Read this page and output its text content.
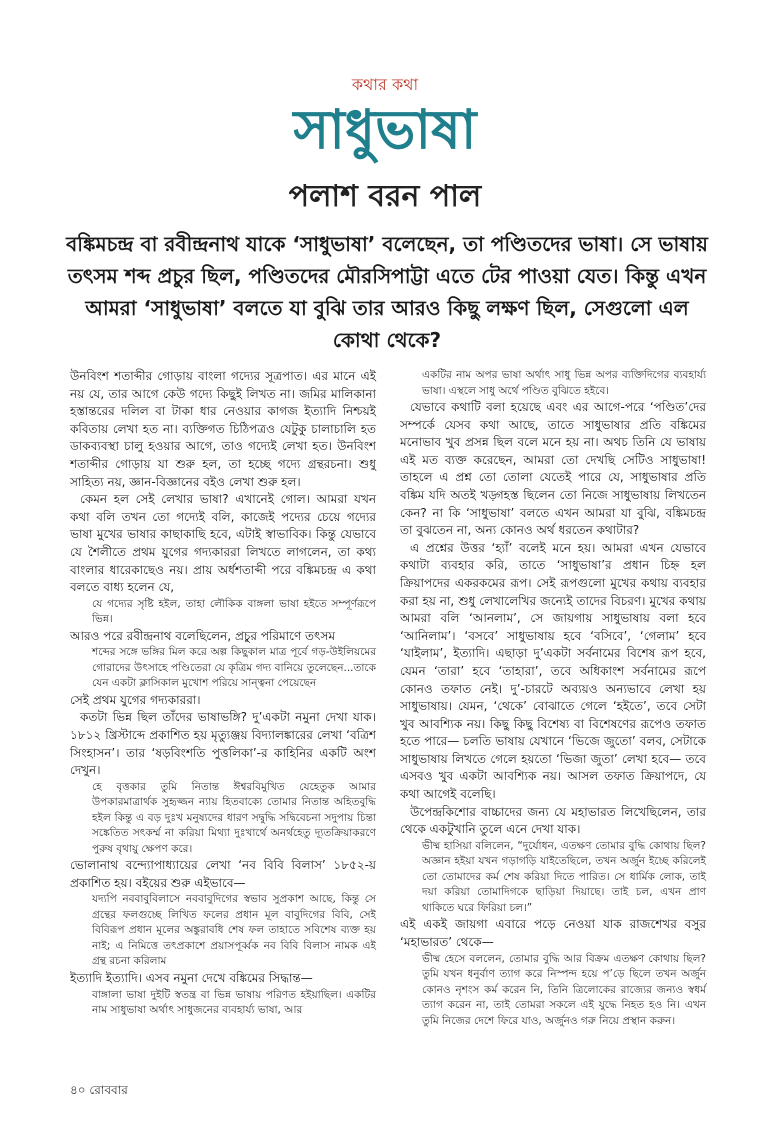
কথার কথা
সাধুভাষা
পলাশ বরন পাল
বঙ্কিমচন্দ্র বা রবীন্দ্রনাথ যাকে ‘সাধুভাষা’ বলেছেন, তা পণ্ডিতদের ভাষা। সে ভাষায় তৎসম শব্দ প্রচুর ছিল, পণ্ডিতদের মৌরসিপাট্টা এতে টের পাওয়া যেত। কিন্তু এখন আমরা ‘সাধুভাষা’ বলতে যা বুঝি তার আরও কিছু লক্ষণ ছিল, সেগুলো এল কোথা থেকে?

উনবিংশ শতাব্দীর গোড়ায় বাংলা গদ্যের সূত্রপাত। এর মানে এই নয় যে, তার আগে কেউ গদ্যে কিছুই লিখত না। জমির মালিকানা হস্তান্তরের দলিল বা টাকা ধার নেওয়ার কাগজ ইত্যাদি নিশ্চয়ই কবিতায় লেখা হত না। ব্যক্তিগত চিঠিপত্রও যেটুকু চালাচালি হত ডাকব্যবস্থা চালু হওয়ার আগে, তাও গদ্যেই লেখা হত। উনবিংশ শতাব্দীর গোড়ায় যা শুরু হল, তা হচ্ছে গদ্যে গ্রন্থরচনা। শুধু সাহিত্য নয়, জ্ঞান-বিজ্ঞানের বইও লেখা শুরু হল।

কেমন হল সেই লেখার ভাষা? এখানেই গোল। আমরা যখন কথা বলি তখন তো গদ্যেই বলি, কাজেই পদ্যের চেয়ে গদ্যের ভাষা মুখের ভাষার কাছাকাছি হবে, এটাই স্বাভাবিক। কিন্তু যেভাবে যে শৈলীতে প্রথম যুগের গদ্যকাররা লিখতে লাগলেন, তা কথ্য বাংলার ধারেকাছেও নয়। প্রায় অর্ধশতাব্দী পরে বঙ্কিমচন্দ্র এ কথা বলতে বাধ্য হলেন যে,

যে গদ্যের সৃষ্টি হইল, তাহা লৌকিক বাঙ্গলা ভাষা হইতে সম্পূর্ণরূপে ভিন্ন।

আরও পরে রবীন্দ্রনাথ বলেছিলেন, প্রচুর পরিমাণে তৎসম

শব্দের সঙ্গে ভঙ্গির মিল করে অল্প কিছুকাল মাত্র পূর্বে গড়-উইলিয়মের গোরাদের উৎসাহে পণ্ডিতেরা যে কৃত্রিম গদ্য বানিয়ে তুলেছেন...তাকে যেন একটা ক্লাসিকাল মুখোশ পরিয়ে সান্ত্বনা পেয়েছেন

সেই প্রথম যুগের গদ্যকাররা।

কতটা ভিন্ন ছিল তাঁদের ভাষাভঙ্গি? দু’একটা নমুনা দেখা যাক। ১৮১২ খ্রিস্টাব্দে প্রকাশিত হয় মৃত্যুঞ্জয় বিদ্যালঙ্কারের লেখা ‘বত্রিশ সিংহাসন’। তার ‘ষড়বিংশতি পুত্তলিকা’-র কাহিনির একটি অংশ দেখুন।

হে বৃত্তকার তুমি নিতান্ত ঈশ্বরবিমুখিত যেহেতুক আমার উপকারমাত্রার্থক সুহৃজ্জন ন্যায় হিতবাক্যে তোমার নিতান্ত অহিতবুদ্ধি হইল কিন্তু এ বড় দুঃখ মনুষ্যদের ধারণ সদ্বুদ্ধি সদ্বিবেচনা সদুপায় চিন্তা সঙ্কেতিত সৎকর্ম্ম না করিয়া মিথ্যা দুঃখার্থে অনর্থহেতু দ্যূতক্রিয়াকরণে পুরুষ বৃথায়ু ক্ষেপণ করে।

ভোলানাথ বন্দ্যোপাধ্যায়ের লেখা ‘নব বিবি বিলাস’ ১৮৫২-য় প্রকাশিত হয়। বইয়ের শুরু এইভাবে—

যদ্যপি নববাবুবিলাসে নববাবুদিগের স্বভাব সুপ্রকাশ আছে, কিন্তু সে গ্রন্থের ফলগুচ্ছে লিখিত ফলের প্রধান মূল বাবুদিগের বিবি, সেই বিবিরূপ প্রধান মূলের অঙ্কুরাবধি শেষ ফল তাহাতে সবিশেষ ব্যক্ত হয় নাই; এ নিমিত্তে তৎপ্রকাশে প্রয়াসপূর্ব্বক নব বিবি বিলাস নামক এই গ্রন্থ রচনা করিলাম

ইত্যাদি ইত্যাদি। এসব নমুনা দেখে বঙ্কিমের সিদ্ধান্ত—

বাঙ্গালা ভাষা দুইটি স্বতন্ত্র বা ভিন্ন ভাষায় পরিণত হইয়াছিল। একটির নাম সাধুভাষা অর্থাৎ সাধুজনের ব্যবহার্য্য ভাষা, আর
একটির নাম অপর ভাষা অর্থাৎ সাধু ভিন্ন অপর ব্যক্তিদিগের ব্যবহার্য্য ভাষা। এস্থলে সাধু অর্থে পণ্ডিত বুঝিতে হইবে।

যেভাবে কথাটি বলা হয়েছে এবং এর আগে-পরে ‘পণ্ডিত’দের সম্পর্কে যেসব কথা আছে, তাতে সাধুভাষার প্রতি বঙ্কিমের মনোভাব খুব প্রসন্ন ছিল বলে মনে হয় না। অথচ তিনি যে ভাষায় এই মত ব্যক্ত করেছেন, আমরা তো দেখছি সেটিও সাধুভাষা! তাহলে এ প্রশ্ন তো তোলা যেতেই পারে যে, সাধুভাষার প্রতি বঙ্কিম যদি অতই খড়্গহস্ত ছিলেন তো নিজে সাধুভাষায় লিখতেন কেন? না কি ‘সাধুভাষা’ বলতে এখন আমরা যা বুঝি, বঙ্কিমচন্দ্র তা বুঝতেন না, অন্য কোনও অর্থ ধরতেন কথাটার?

এ প্রশ্নের উত্তর ‘হ্যাঁ’ বলেই মনে হয়। আমরা এখন যেভাবে কথাটা ব্যবহার করি, তাতে ‘সাধুভাষা’র প্রধান চিহ্ন হল ক্রিয়াপদের একরকমের রূপ। সেই রূপগুলো মুখের কথায় ব্যবহার করা হয় না, শুধু লেখালেখির জন্যেই তাদের বিচরণ। মুখের কথায় আমরা বলি ‘আনলাম’, সে জায়গায় সাধুভাষায় বলা হবে ‘আনিলাম’। ‘বসবে’ সাধুভাষায় হবে ‘বসিবে’, ‘গেলাম’ হবে ‘যাইলাম’, ইত্যাদি। এছাড়া দু’একটা সর্বনামের বিশেষ রূপ হবে, যেমন ‘তারা’ হবে ‘তাহারা’, তবে অধিকাংশ সর্বনামের রূপে কোনও তফাত নেই। দু’-চারটে অব্যয়ও অন্যভাবে লেখা হয় সাধুভাষায়। যেমন, ‘থেকে’ বোঝাতে গেলে ‘হইতে’, তবে সেটা খুব আবশ্যিক নয়। কিছু কিছু বিশেষ্য বা বিশেষণের রূপেও তফাত হতে পারে— চলতি ভাষায় যেখানে ‘ভিজে জুতো’ বলব, সেটাকে সাধুভাষায় লিখতে গেলে হয়তো ‘ভিজা জুতা’ লেখা হবে— তবে এসবও খুব একটা আবশ্যিক নয়। আসল তফাত ক্রিয়াপদে, যে কথা আগেই বলেছি।

উপেন্দ্রকিশোর বাচ্চাদের জন্য যে মহাভারত লিখেছিলেন, তার থেকে একটুখানি তুলে এনে দেখা যাক।

ভীষ্ম হাসিয়া বলিলেন, “দুর্যোধন, এতক্ষণ তোমার বুদ্ধি কোথায় ছিল? অজ্ঞান হইয়া যখন গড়াগড়ি যাইতেছিলে, তখন অর্জুন ইচ্ছে করিলেই তো তোমাদের কর্ম শেষ করিয়া দিতে পারিত। সে ধার্মিক লোক, তাই দয়া করিয়া তোমাদিগকে ছাড়িয়া দিয়াছে। তাই চল, এখন প্রাণ থাকিতে ঘরে ফিরিয়া চল।”

এই একই জায়গা এবারে পড়ে নেওয়া যাক রাজশেখর বসুর ‘মহাভারত’ থেকে—

ভীষ্ম হেসে বললেন, তোমার বুদ্ধি আর বিক্রম এতক্ষণ কোথায় ছিল? তুমি যখন ধনুর্বাণ ত্যাগ করে নিস্পন্দ হয়ে প’ড়ে ছিলে তখন অর্জুন কোনও নৃশংস কর্ম করেন নি, তিনি ত্রিলোকের রাজ্যের জন্যও স্বধর্ম ত্যাগ করেন না, তাই তোমরা সকলে এই যুদ্ধে নিহত হও নি। এখন তুমি নিজের দেশে ফিরে যাও, অর্জুনও গরু নিয়ে প্রস্থান করুন।
৪০ রোববার
